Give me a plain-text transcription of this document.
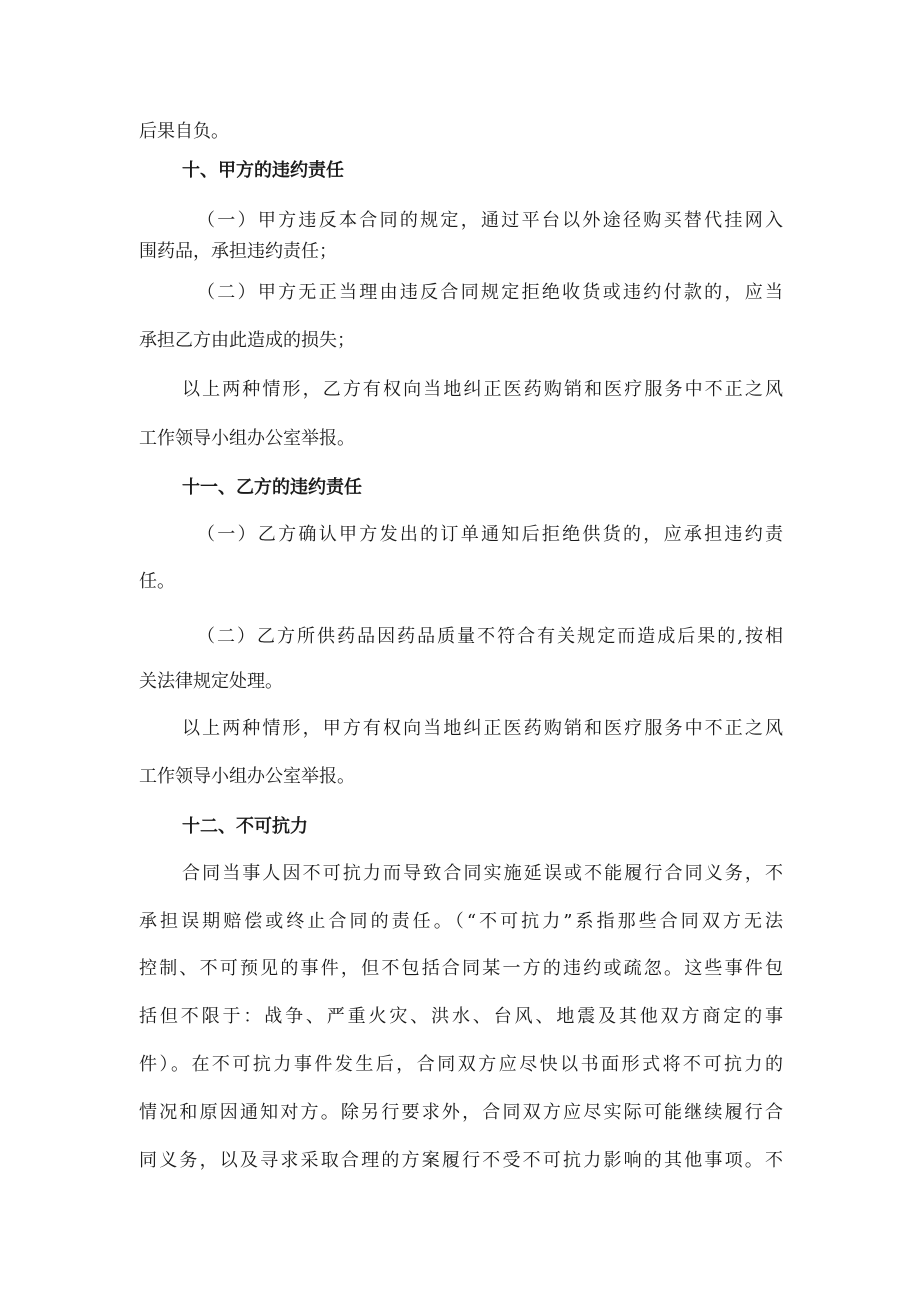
后果自负。
十、甲方的违约责任
（一）甲方违反本合同的规定，通过平台以外途径购买替代挂网入
围药品，承担违约责任；
（二）甲方无正当理由违反合同规定拒绝收货或违约付款的，应当
承担乙方由此造成的损失；
以上两种情形，乙方有权向当地纠正医药购销和医疗服务中不正之风
工作领导小组办公室举报。
十一、乙方的违约责任
（一）乙方确认甲方发出的订单通知后拒绝供货的，应承担违约责
任。
（二）乙方所供药品因药品质量不符合有关规定而造成后果的,按相
关法律规定处理。
以上两种情形，甲方有权向当地纠正医药购销和医疗服务中不正之风
工作领导小组办公室举报。
十二、不可抗力
合同当事人因不可抗力而导致合同实施延误或不能履行合同义务，不
承担误期赔偿或终止合同的责任。（“不可抗力”系指那些合同双方无法
控制、不可预见的事件，但不包括合同某一方的违约或疏忽。这些事件包
括但不限于：战争、严重火灾、洪水、台风、地震及其他双方商定的事
件）。在不可抗力事件发生后，合同双方应尽快以书面形式将不可抗力的
情况和原因通知对方。除另行要求外，合同双方应尽实际可能继续履行合
同义务，以及寻求采取合理的方案履行不受不可抗力影响的其他事项。不
